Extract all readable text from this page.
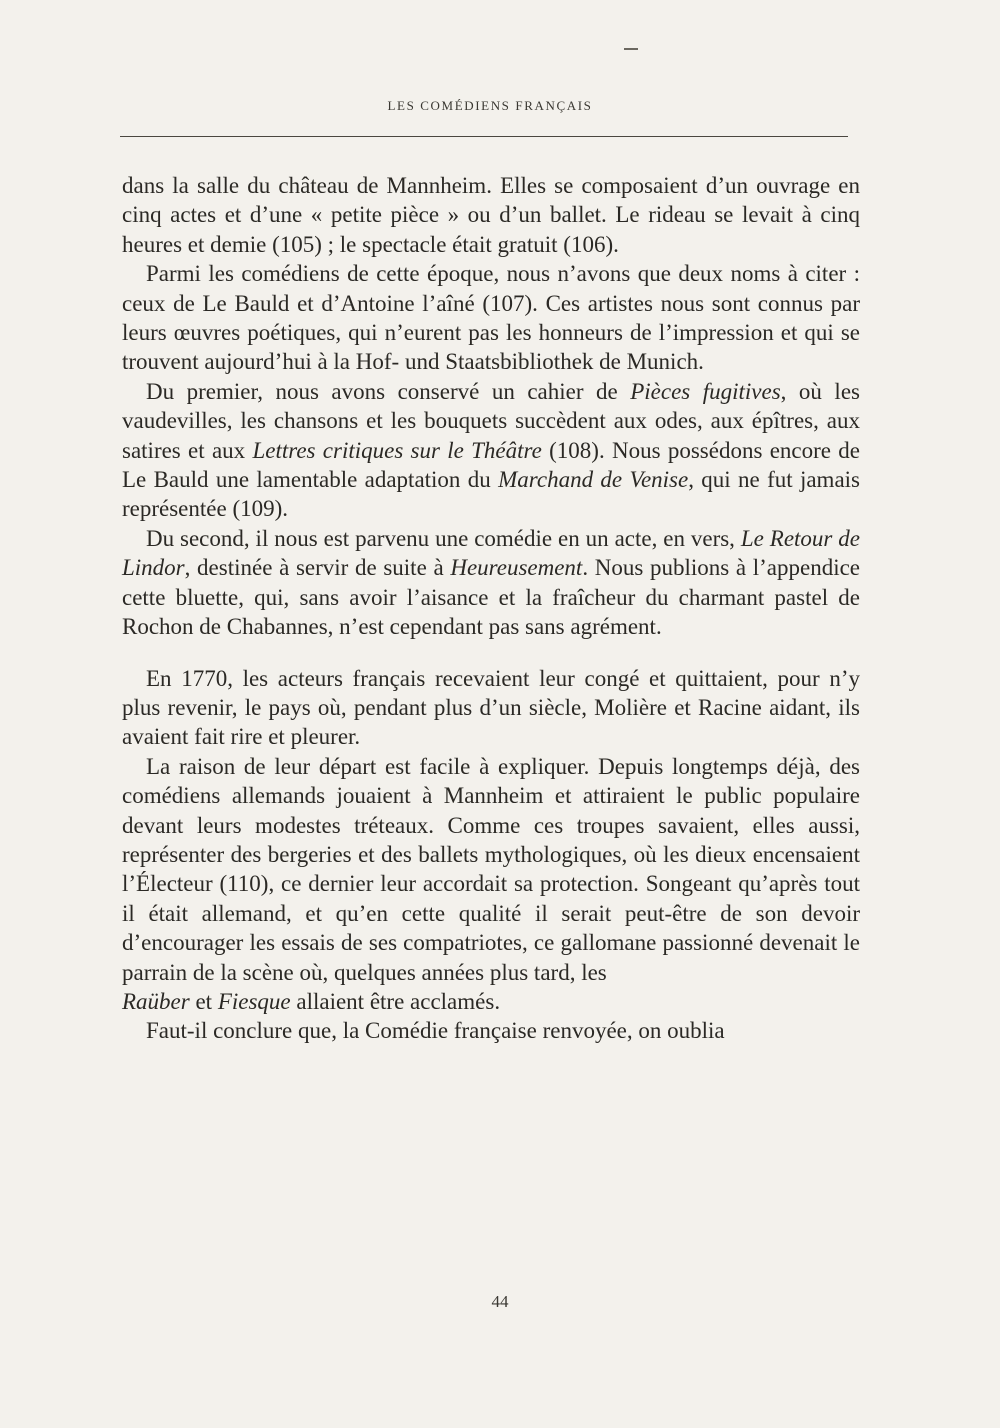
LES COMÉDIENS FRANÇAIS

dans la salle du château de Mannheim. Elles se composaient d’un ouvrage en cinq actes et d’une « petite pièce » ou d’un ballet. Le rideau se levait à cinq heures et demie (105) ; le spectacle était gratuit (106).

Parmi les comédiens de cette époque, nous n’avons que deux noms à citer : ceux de Le Bauld et d’Antoine l’aîné (107). Ces artistes nous sont connus par leurs œuvres poétiques, qui n’eurent pas les honneurs de l’impression et qui se trouvent aujourd’hui à la Hof- und Staatsbibliothek de Munich.

Du premier, nous avons conservé un cahier de Pièces fugitives, où les vaudevilles, les chansons et les bouquets succèdent aux odes, aux épîtres, aux satires et aux Lettres critiques sur le Théâtre (108). Nous possédons encore de Le Bauld une lamentable adaptation du Marchand de Venise, qui ne fut jamais représentée (109).

Du second, il nous est parvenu une comédie en un acte, en vers, Le Retour de Lindor, destinée à servir de suite à Heureusement. Nous publions à l’appendice cette bluette, qui, sans avoir l’aisance et la fraîcheur du charmant pastel de Rochon de Chabannes, n’est cependant pas sans agrément.

En 1770, les acteurs français recevaient leur congé et quittaient, pour n’y plus revenir, le pays où, pendant plus d’un siècle, Molière et Racine aidant, ils avaient fait rire et pleurer.

La raison de leur départ est facile à expliquer. Depuis longtemps déjà, des comédiens allemands jouaient à Mannheim et attiraient le public populaire devant leurs modestes tréteaux. Comme ces troupes savaient, elles aussi, représenter des bergeries et des ballets mythologiques, où les dieux encensaient l’Électeur (110), ce dernier leur accordait sa protection. Songeant qu’après tout il était allemand, et qu’en cette qualité il serait peut-être de son devoir d’encourager les essais de ses compatriotes, ce gallomane passionné devenait le parrain de la scène où, quelques années plus tard, les

Raüber et Fiesque allaient être acclamés.

Faut-il conclure que, la Comédie française renvoyée, on oublia

44
